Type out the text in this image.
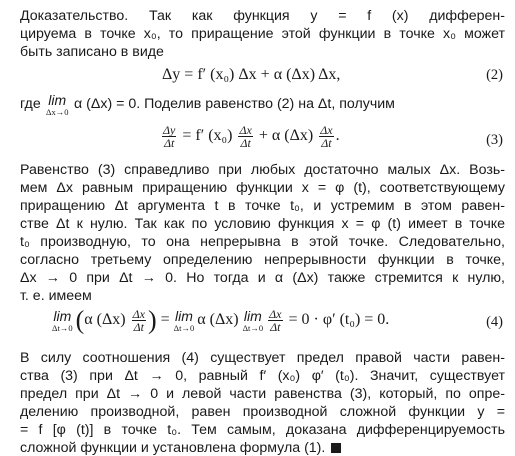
Доказательство. Так как функция y = f (x) дифферен-
цируема в точке x₀, то приращение этой функции в точке x₀ может
быть записано в виде
Δy = f′ (x₀) Δx + α (Δx) Δx,	(2)
где lim
Δx→0 α (Δx) = 0. Поделив равенство (2) на Δt, получим
$\frac{\Delta y}{\Delta t} = f'$ $(x_0) \frac{\Delta x}{\Delta t} + \alpha$ $(\Delta x) \frac{\Delta x}{\Delta t}$ .	(3)
Равенство (3) справедливо при любых достаточно малых Δx. Возь-
мем Δx равным приращению функции x = φ (t), соответствующему
приращению Δt аргумента t в точке t₀, и устремим в этом равен-
стве Δt к нулю. Так как по условию функция x = φ (t) имеет в точке
t₀ производную, то она непрерывна в этой точке. Следовательно,
согласно третьему определению непрерывности функции в точке,
Δx → 0 при Δt → 0. Но тогда и α (Δx) также стремится к нулю,
т. е. имеем
lim
Δt→0 (α $(\Delta x) \frac{\Delta x}{\Delta t}$ ) = lim
Δt→0 α (Δx) lim
$\Delta t\to 0 \frac{\Delta x}{\Delta t} = 0 \cdot \varphi'$ (t₀) = 0.	(4)
В силу соотношения (4) существует предел правой части равен-
ства (3) при Δt → 0, равный f′ (x₀) φ′ (t₀). Значит, существует
предел при Δt → 0 и левой части равенства (3), который, по опре-
делению производной, равен производной сложной функции y =
= f [φ (t)] в точке t₀. Тем самым, доказана дифференцируемость
сложной функции и установлена формула (1).
